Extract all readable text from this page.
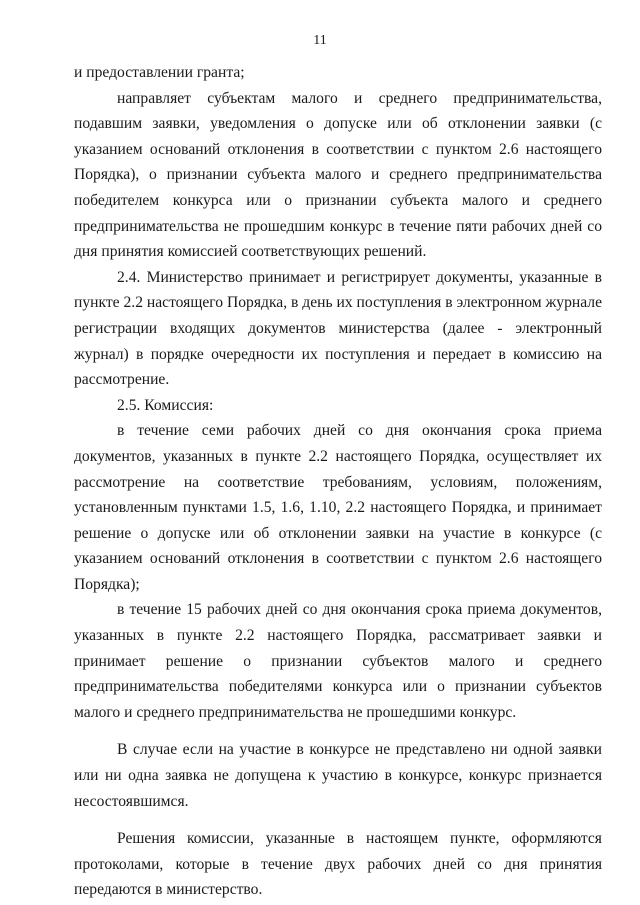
11

и предоставлении гранта;

направляет субъектам малого и среднего предпринимательства, подавшим заявки, уведомления о допуске или об отклонении заявки (с указанием оснований отклонения в соответствии с пунктом 2.6 настоящего Порядка), о признании субъекта малого и среднего предпринимательства победителем конкурса или о признании субъекта малого и среднего предпринимательства не прошедшим конкурс в течение пяти рабочих дней со дня принятия комиссией соответствующих решений.

2.4. Министерство принимает и регистрирует документы, указанные в пункте 2.2 настоящего Порядка, в день их поступления в электронном журнале регистрации входящих документов министерства (далее - электронный журнал) в порядке очередности их поступления и передает в комиссию на рассмотрение.

2.5. Комиссия:

в течение семи рабочих дней со дня окончания срока приема документов, указанных в пункте 2.2 настоящего Порядка, осуществляет их рассмотрение на соответствие требованиям, условиям, положениям, установленным пунктами 1.5, 1.6, 1.10, 2.2 настоящего Порядка, и принимает решение о допуске или об отклонении заявки на участие в конкурсе (с указанием оснований отклонения в соответствии с пунктом 2.6 настоящего Порядка);

в течение 15 рабочих дней со дня окончания срока приема документов, указанных в пункте 2.2 настоящего Порядка, рассматривает заявки и принимает решение о признании субъектов малого и среднего предпринимательства победителями конкурса или о признании субъектов малого и среднего предпринимательства не прошедшими конкурс.

В случае если на участие в конкурсе не представлено ни одной заявки или ни одна заявка не допущена к участию в конкурсе, конкурс признается несостоявшимся.

Решения комиссии, указанные в настоящем пункте, оформляются протоколами, которые в течение двух рабочих дней со дня принятия передаются в министерство.
